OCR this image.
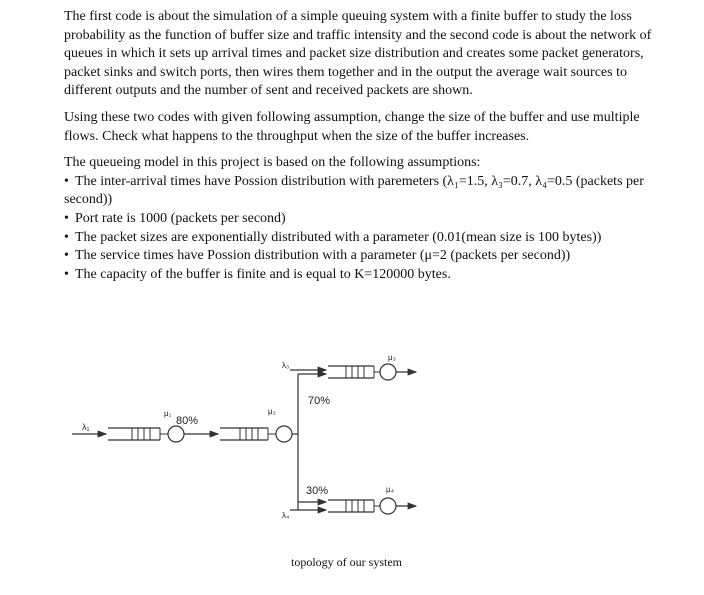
The first code is about the simulation of a simple queuing system with a finite buffer to study the loss probability as the function of buffer size and traffic intensity and the second code is about the network of queues in which it sets up arrival times and packet size distribution and creates some packet generators, packet sinks and switch ports, then wires them together and in the output the average wait sources to different outputs and the number of sent and received packets are shown.

Using these two codes with given following assumption, change the size of the buffer and use multiple flows. Check what happens to the throughput when the size of the buffer increases.

The queueing model in this project is based on the following assumptions:

• The inter-arrival times have Possion distribution with paremeters (λ₁=1.5, λ₃=0.7, λ₄=0.5 (packets per second))

• Port rate is 1000 (packets per second)

• The packet sizes are exponentially distributed with a parameter (0.01(mean size is 100 bytes))

• The service times have Possion distribution with a parameter (μ=2 (packets per second))

• The capacity of the buffer is finite and is equal to K=120000 bytes.

λ₁
μ₁
80%
μ₂
70%
30%
λ₃
μ₃
λ₄
μ₄
topology of our system
